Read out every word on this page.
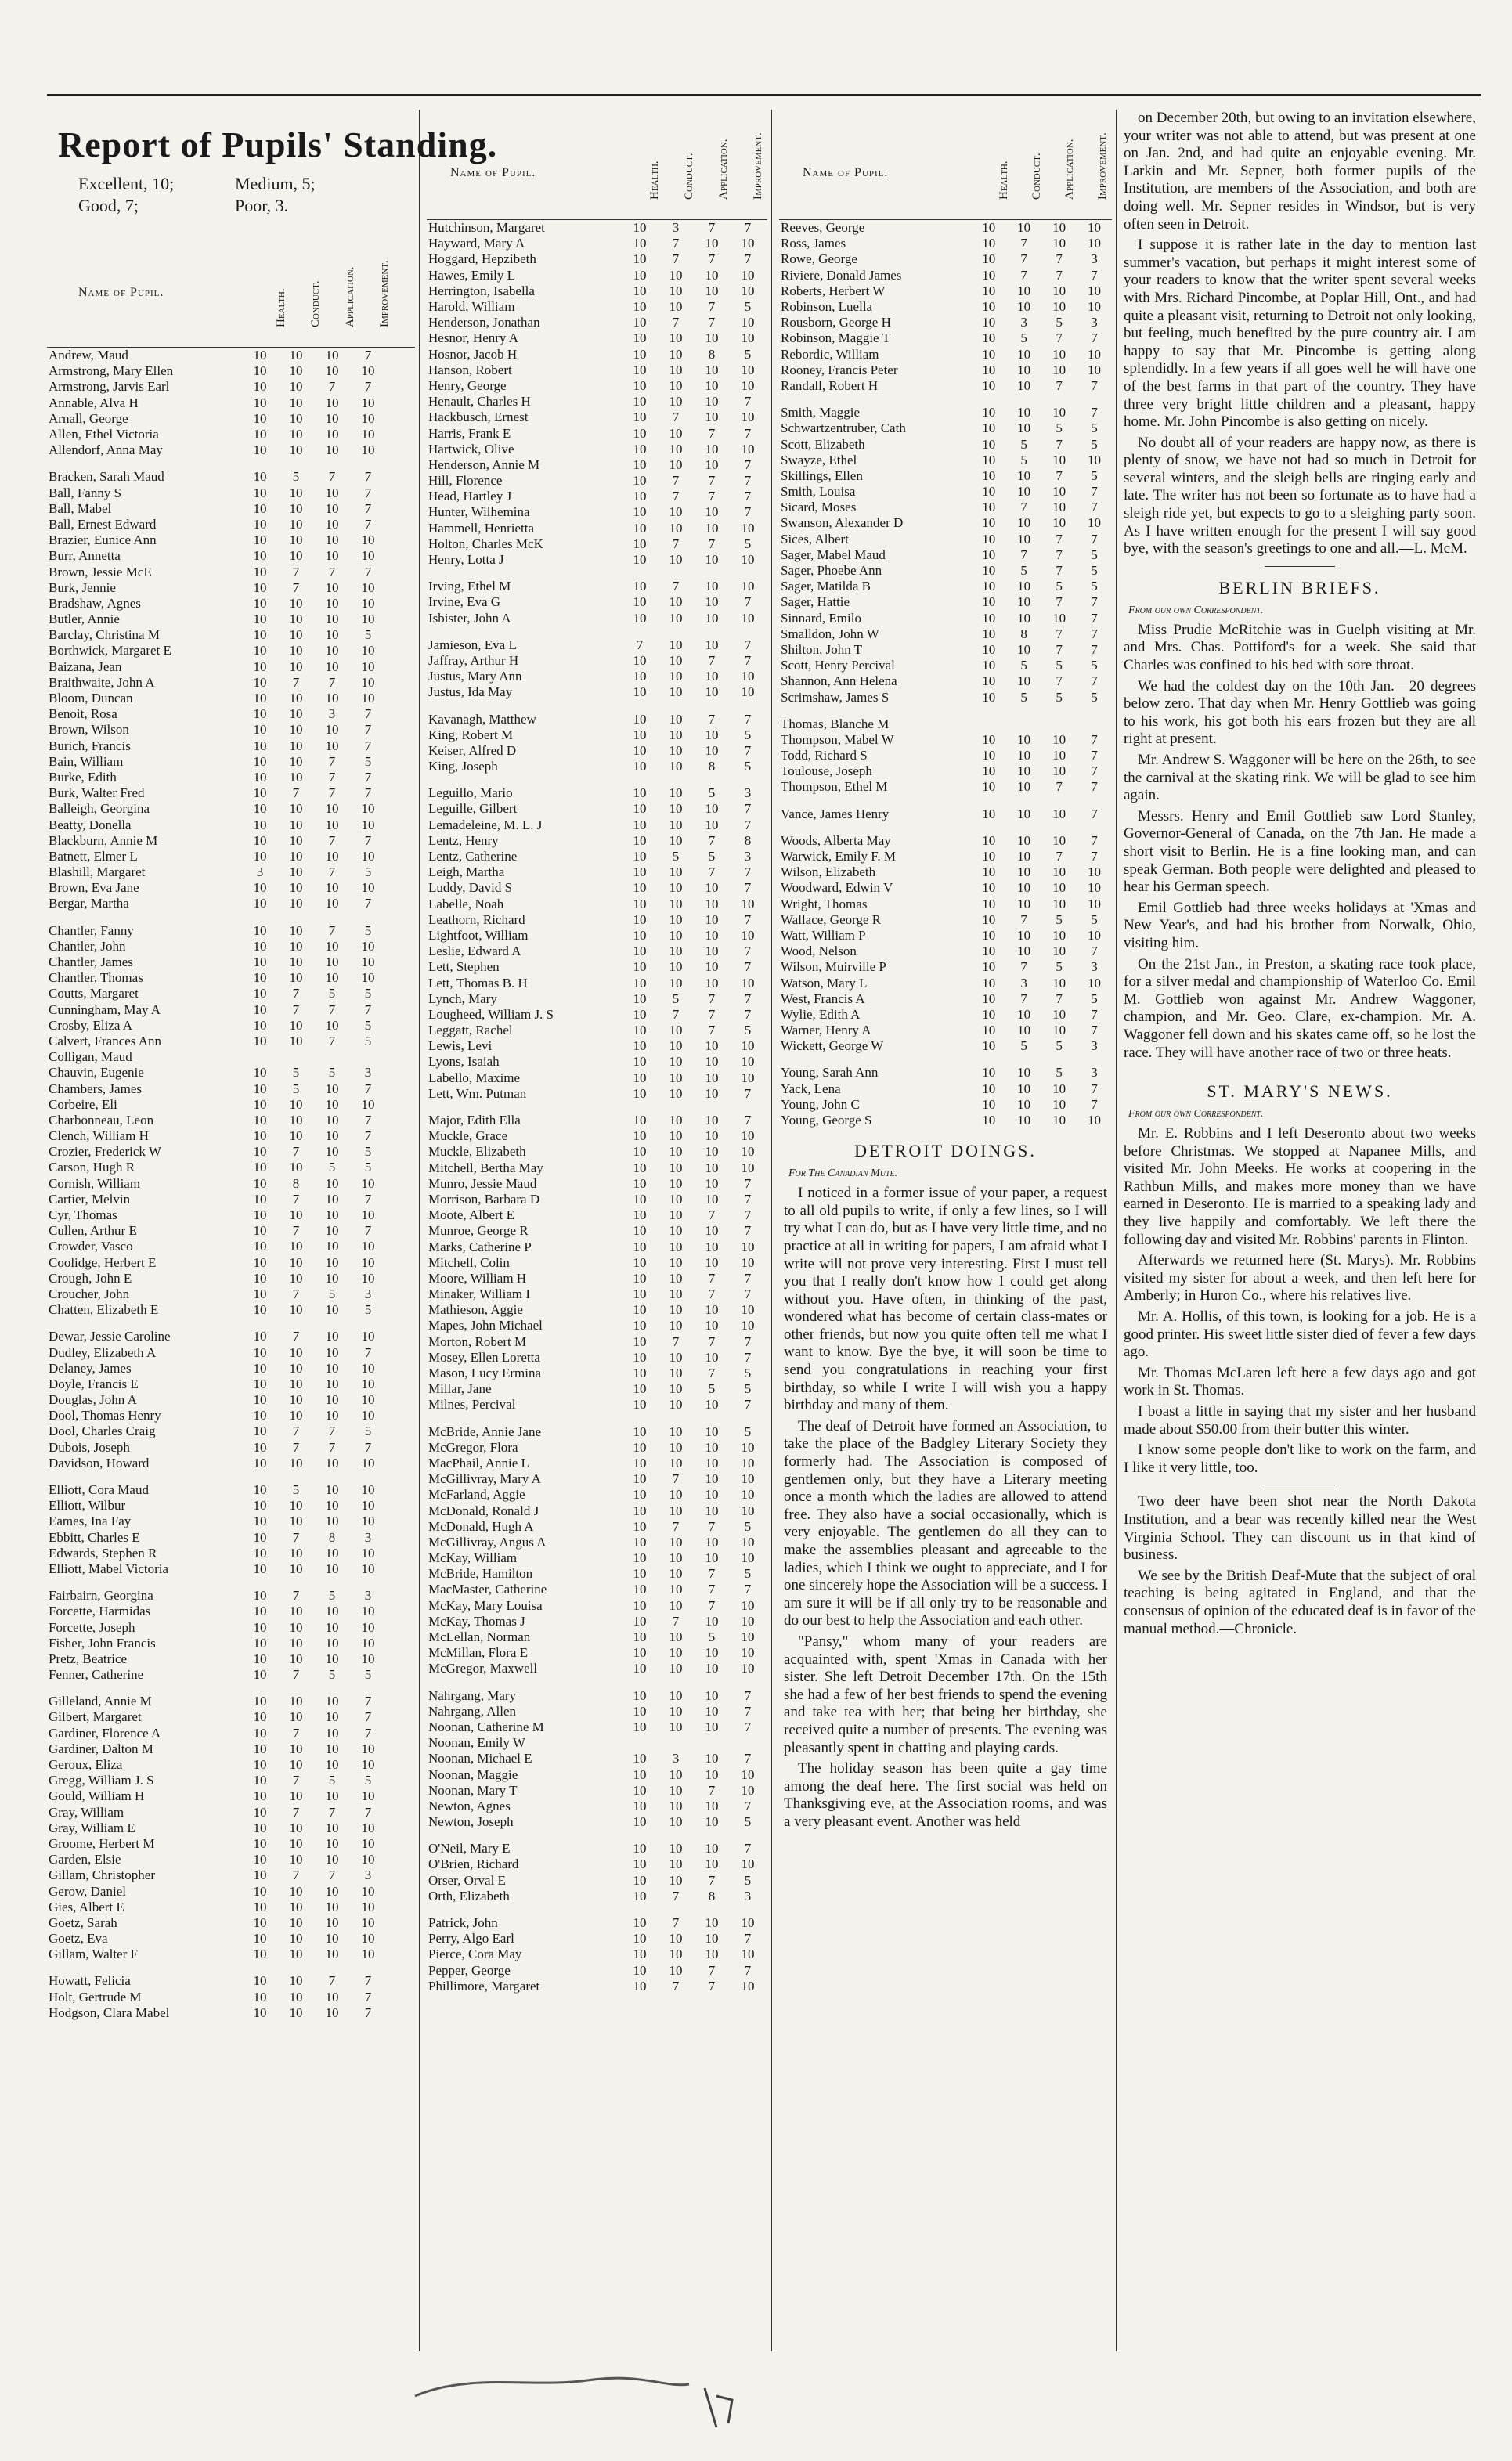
Report of Pupils' Standing.
Excellent, 10;	Medium, 5;
Good, 7;	Poor, 3.
Name of Pupil.	Health. Conduct. Application. Improvement.
Andrew, Maud	10	10	10	7
Armstrong, Mary Ellen	10	10	10	10
Armstrong, Jarvis Earl	10	10	7	7
Annable, Alva H	10	10	10	10
Arnall, George	10	10	10	10
Allen, Ethel Victoria	10	10	10	10
Allendorf, Anna May	10	10	10	10

Bracken, Sarah Maud	10	5	7	7
Ball, Fanny S	10	10	10	7
Ball, Mabel	10	10	10	7
Ball, Ernest Edward	10	10	10	7
Brazier, Eunice Ann	10	10	10	10
Burr, Annetta	10	10	10	10
Brown, Jessie McE	10	7	7	7
Burk, Jennie	10	7	10	10
Bradshaw, Agnes	10	10	10	10
Butler, Annie	10	10	10	10
Barclay, Christina M	10	10	10	5
Borthwick, Margaret E	10	10	10	10
Baizana, Jean	10	10	10	10
Braithwaite, John A	10	7	7	10
Bloom, Duncan	10	10	10	10
Benoit, Rosa	10	10	3	7
Brown, Wilson	10	10	10	7
Burich, Francis	10	10	10	7
Bain, William	10	10	7	5
Burke, Edith	10	10	7	7
Burk, Walter Fred	10	7	7	7
Balleigh, Georgina	10	10	10	10
Beatty, Donella	10	10	10	10
Blackburn, Annie M	10	10	7	7
Batnett, Elmer L	10	10	10	10
Blashill, Margaret	3	10	7	5
Brown, Eva Jane	10	10	10	10
Bergar, Martha	10	10	10	7

Chantler, Fanny	10	10	7	5
Chantler, John	10	10	10	10
Chantler, James	10	10	10	10
Chantler, Thomas	10	10	10	10
Coutts, Margaret	10	7	5	5
Cunningham, May A	10	7	7	7
Crosby, Eliza A	10	10	10	5
Calvert, Frances Ann	10	10	7	5
Colligan, Maud				
Chauvin, Eugenie	10	5	5	3
Chambers, James	10	5	10	7
Corbeire, Eli	10	10	10	10
Charbonneau, Leon	10	10	10	7
Clench, William H	10	10	10	7
Crozier, Frederick W	10	7	10	5
Carson, Hugh R	10	10	5	5
Cornish, William	10	8	10	10
Cartier, Melvin	10	7	10	7
Cyr, Thomas	10	10	10	10
Cullen, Arthur E	10	7	10	7
Crowder, Vasco	10	10	10	10
Coolidge, Herbert E	10	10	10	10
Crough, John E	10	10	10	10
Croucher, John	10	7	5	3
Chatten, Elizabeth E	10	10	10	5

Dewar, Jessie Caroline	10	7	10	10
Dudley, Elizabeth A	10	10	10	7
Delaney, James	10	10	10	10
Doyle, Francis E	10	10	10	10
Douglas, John A	10	10	10	10
Dool, Thomas Henry	10	10	10	10
Dool, Charles Craig	10	7	7	5
Dubois, Joseph	10	7	7	7
Davidson, Howard	10	10	10	10

Elliott, Cora Maud	10	5	10	10
Elliott, Wilbur	10	10	10	10
Eames, Ina Fay	10	10	10	10
Ebbitt, Charles E	10	7	8	3
Edwards, Stephen R	10	10	10	10
Elliott, Mabel Victoria	10	10	10	10

Fairbairn, Georgina	10	7	5	3
Forcette, Harmidas	10	10	10	10
Forcette, Joseph	10	10	10	10
Fisher, John Francis	10	10	10	10
Pretz, Beatrice	10	10	10	10
Fenner, Catherine	10	7	5	5

Gilleland, Annie M	10	10	10	7
Gilbert, Margaret	10	10	10	7
Gardiner, Florence A	10	7	10	7
Gardiner, Dalton M	10	10	10	10
Geroux, Eliza	10	10	10	10
Gregg, William J. S	10	7	5	5
Gould, William H	10	10	10	10
Gray, William	10	7	7	7
Gray, William E	10	10	10	10
Groome, Herbert M	10	10	10	10
Garden, Elsie	10	10	10	10
Gillam, Christopher	10	7	7	3
Gerow, Daniel	10	10	10	10
Gies, Albert E	10	10	10	10
Goetz, Sarah	10	10	10	10
Goetz, Eva	10	10	10	10
Gillam, Walter F	10	10	10	10

Howatt, Felicia	10	10	7	7
Holt, Gertrude M	10	10	10	7
Hodgson, Clara Mabel	10	10	10	7
Name of Pupil.	Health. Conduct. Application. Improvement.
Hutchinson, Margaret	10	3	7	7
Hayward, Mary A	10	7	10	10
Hoggard, Hepzibeth	10	7	7	7
Hawes, Emily L	10	10	10	10
Herrington, Isabella	10	10	10	10
Harold, William	10	10	7	5
Henderson, Jonathan	10	7	7	10
Hesnor, Henry A	10	10	10	10
Hosnor, Jacob H	10	10	8	5
Hanson, Robert	10	10	10	10
Henry, George	10	10	10	10
Henault, Charles H	10	10	10	7
Hackbusch, Ernest	10	7	10	10
Harris, Frank E	10	10	7	7
Hartwick, Olive	10	10	10	10
Henderson, Annie M	10	10	10	7
Hill, Florence	10	7	7	7
Head, Hartley J	10	7	7	7
Hunter, Wilhemina	10	10	10	7
Hammell, Henrietta	10	10	10	10
Holton, Charles McK	10	7	7	5
Henry, Lotta J	10	10	10	10

Irving, Ethel M	10	7	10	10
Irvine, Eva G	10	10	10	7
Isbister, John A	10	10	10	10

Jamieson, Eva L	7	10	10	7
Jaffray, Arthur H	10	10	7	7
Justus, Mary Ann	10	10	10	10
Justus, Ida May	10	10	10	10

Kavanagh, Matthew	10	10	7	7
King, Robert M	10	10	10	5
Keiser, Alfred D	10	10	10	7
King, Joseph	10	10	8	5

Leguillo, Mario	10	10	5	3
Leguille, Gilbert	10	10	10	7
Lemadeleine, M. L. J	10	10	10	7
Lentz, Henry	10	10	7	8
Lentz, Catherine	10	5	5	3
Leigh, Martha	10	10	7	7
Luddy, David S	10	10	10	7
Labelle, Noah	10	10	10	10
Leathorn, Richard	10	10	10	7
Lightfoot, William	10	10	10	10
Leslie, Edward A	10	10	10	7
Lett, Stephen	10	10	10	7
Lett, Thomas B. H	10	10	10	10
Lynch, Mary	10	5	7	7
Lougheed, William J. S	10	7	7	7
Leggatt, Rachel	10	10	7	5
Lewis, Levi	10	10	10	10
Lyons, Isaiah	10	10	10	10
Labello, Maxime	10	10	10	10
Lett, Wm. Putman	10	10	10	7

Major, Edith Ella	10	10	10	7
Muckle, Grace	10	10	10	10
Muckle, Elizabeth	10	10	10	10
Mitchell, Bertha May	10	10	10	10
Munro, Jessie Maud	10	10	10	7
Morrison, Barbara D	10	10	10	7
Moote, Albert E	10	10	7	7
Munroe, George R	10	10	10	7
Marks, Catherine P	10	10	10	10
Mitchell, Colin	10	10	10	10
Moore, William H	10	10	7	7
Minaker, William I	10	10	7	7
Mathieson, Aggie	10	10	10	10
Mapes, John Michael	10	10	10	10
Morton, Robert M	10	7	7	7
Mosey, Ellen Loretta	10	10	10	7
Mason, Lucy Ermina	10	10	7	5
Millar, Jane	10	10	5	5
Milnes, Percival	10	10	10	7

McBride, Annie Jane	10	10	10	5
McGregor, Flora	10	10	10	10
MacPhail, Annie L	10	10	10	10
McGillivray, Mary A	10	7	10	10
McFarland, Aggie	10	10	10	10
McDonald, Ronald J	10	10	10	10
McDonald, Hugh A	10	7	7	5
McGillivray, Angus A	10	10	10	10
McKay, William	10	10	10	10
McBride, Hamilton	10	10	7	5
MacMaster, Catherine	10	10	7	7
McKay, Mary Louisa	10	10	7	10
McKay, Thomas J	10	7	10	10
McLellan, Norman	10	10	5	10
McMillan, Flora E	10	10	10	10
McGregor, Maxwell	10	10	10	10

Nahrgang, Mary	10	10	10	7
Nahrgang, Allen	10	10	10	7
Noonan, Catherine M	10	10	10	7
Noonan, Emily W				
Noonan, Michael E	10	3	10	7
Noonan, Maggie	10	10	10	10
Noonan, Mary T	10	10	7	10
Newton, Agnes	10	10	10	7
Newton, Joseph	10	10	10	5

O'Neil, Mary E	10	10	10	7
O'Brien, Richard	10	10	10	10
Orser, Orval E	10	10	7	5
Orth, Elizabeth	10	7	8	3

Patrick, John	10	7	10	10
Perry, Algo Earl	10	10	10	7
Pierce, Cora May	10	10	10	10
Pepper, George	10	10	7	7
Phillimore, Margaret	10	7	7	10
Name of Pupil.	Health. Conduct. Application. Improvement.
Reeves, George	10	10	10	10
Ross, James	10	7	10	10
Rowe, George	10	7	7	3
Riviere, Donald James	10	7	7	7
Roberts, Herbert W	10	10	10	10
Robinson, Luella	10	10	10	10
Rousborn, George H	10	3	5	3
Robinson, Maggie T	10	5	7	7
Rebordic, William	10	10	10	10
Rooney, Francis Peter	10	10	10	10
Randall, Robert H	10	10	7	7

Smith, Maggie	10	10	10	7
Schwartzentruber, Cath	10	10	5	5
Scott, Elizabeth	10	5	7	5
Swayze, Ethel	10	5	10	10
Skillings, Ellen	10	10	7	5
Smith, Louisa	10	10	10	7
Sicard, Moses	10	7	10	7
Swanson, Alexander D	10	10	10	10
Sices, Albert	10	10	7	7
Sager, Mabel Maud	10	7	7	5
Sager, Phoebe Ann	10	5	7	5
Sager, Matilda B	10	10	5	5
Sager, Hattie	10	10	7	7
Sinnard, Emilo	10	10	10	7
Smalldon, John W	10	8	7	7
Shilton, John T	10	10	7	7
Scott, Henry Percival	10	5	5	5
Shannon, Ann Helena	10	10	7	7
Scrimshaw, James S	10	5	5	5

Thomas, Blanche M				
Thompson, Mabel W	10	10	10	7
Todd, Richard S	10	10	10	7
Toulouse, Joseph	10	10	10	7
Thompson, Ethel M	10	10	7	7

Vance, James Henry	10	10	10	7

Woods, Alberta May	10	10	10	7
Warwick, Emily F. M	10	10	7	7
Wilson, Elizabeth	10	10	10	10
Woodward, Edwin V	10	10	10	10
Wright, Thomas	10	10	10	10
Wallace, George R	10	7	5	5
Watt, William P	10	10	10	10
Wood, Nelson	10	10	10	7
Wilson, Muirville P	10	7	5	3
Watson, Mary L	10	3	10	10
West, Francis A	10	7	7	5
Wylie, Edith A	10	10	10	7
Warner, Henry A	10	10	10	7
Wickett, George W	10	5	5	3

Young, Sarah Ann	10	10	5	3
Yack, Lena	10	10	10	7
Young, John C	10	10	10	7
Young, George S	10	10	10	10
DETROIT DOINGS.
For The Canadian Mute.

I noticed in a former issue of your paper, a request to all old pupils to write, if only a few lines, so I will try what I can do, but as I have very little time, and no practice at all in writing for papers, I am afraid what I write will not prove very interesting. First I must tell you that I really don't know how I could get along without you. Have often, in thinking of the past, wondered what has become of certain class-mates or other friends, but now you quite often tell me what I want to know. Bye the bye, it will soon be time to send you congratulations in reaching your first birthday, so while I write I will wish you a happy birthday and many of them.

The deaf of Detroit have formed an Association, to take the place of the Badgley Literary Society they formerly had. The Association is composed of gentlemen only, but they have a Literary meeting once a month which the ladies are allowed to attend free. They also have a social occasionally, which is very enjoyable. The gentlemen do all they can to make the assemblies pleasant and agreeable to the ladies, which I think we ought to appreciate, and I for one sincerely hope the Association will be a success. I am sure it will be if all only try to be reasonable and do our best to help the Association and each other.

"Pansy," whom many of your readers are acquainted with, spent 'Xmas in Canada with her sister. She left Detroit December 17th. On the 15th she had a few of her best friends to spend the evening and take tea with her; that being her birthday, she received quite a number of presents. The evening was pleasantly spent in chatting and playing cards.

The holiday season has been quite a gay time among the deaf here. The first social was held on Thanksgiving eve, at the Association rooms, and was a very pleasant event. Another was held

on December 20th, but owing to an invitation elsewhere, your writer was not able to attend, but was present at one on Jan. 2nd, and had quite an enjoyable evening. Mr. Larkin and Mr. Sepner, both former pupils of the Institution, are members of the Association, and both are doing well. Mr. Sepner resides in Windsor, but is very often seen in Detroit.

I suppose it is rather late in the day to mention last summer's vacation, but perhaps it might interest some of your readers to know that the writer spent several weeks with Mrs. Richard Pincombe, at Poplar Hill, Ont., and had quite a pleasant visit, returning to Detroit not only looking, but feeling, much benefited by the pure country air. I am happy to say that Mr. Pincombe is getting along splendidly. In a few years if all goes well he will have one of the best farms in that part of the country. They have three very bright little children and a pleasant, happy home. Mr. John Pincombe is also getting on nicely.

No doubt all of your readers are happy now, as there is plenty of snow, we have not had so much in Detroit for several winters, and the sleigh bells are ringing early and late. The writer has not been so fortunate as to have had a sleigh ride yet, but expects to go to a sleighing party soon. As I have written enough for the present I will say good bye, with the season's greetings to one and all.—L. McM.

BERLIN BRIEFS.
From our own Correspondent.

Miss Prudie McRitchie was in Guelph visiting at Mr. and Mrs. Chas. Pottiford's for a week. She said that Charles was confined to his bed with sore throat.

We had the coldest day on the 10th Jan.—20 degrees below zero. That day when Mr. Henry Gottlieb was going to his work, his got both his ears frozen but they are all right at present.

Mr. Andrew S. Waggoner will be here on the 26th, to see the carnival at the skating rink. We will be glad to see him again.

Messrs. Henry and Emil Gottlieb saw Lord Stanley, Governor-General of Canada, on the 7th Jan. He made a short visit to Berlin. He is a fine looking man, and can speak German. Both people were delighted and pleased to hear his German speech.

Emil Gottlieb had three weeks holidays at 'Xmas and New Year's, and had his brother from Norwalk, Ohio, visiting him.

On the 21st Jan., in Preston, a skating race took place, for a silver medal and championship of Waterloo Co. Emil M. Gottlieb won against Mr. Andrew Waggoner, champion, and Mr. Geo. Clare, ex-champion. Mr. A. Waggoner fell down and his skates came off, so he lost the race. They will have another race of two or three heats.

ST. MARY'S NEWS.
From our own Correspondent.

Mr. E. Robbins and I left Deseronto about two weeks before Christmas. We stopped at Napanee Mills, and visited Mr. John Meeks. He works at coopering in the Rathbun Mills, and makes more money than we have earned in Deseronto. He is married to a speaking lady and they live happily and comfortably. We left there the following day and visited Mr. Robbins' parents in Flinton.

Afterwards we returned here (St. Marys). Mr. Robbins visited my sister for about a week, and then left here for Amberly; in Huron Co., where his relatives live.

Mr. A. Hollis, of this town, is looking for a job. He is a good printer. His sweet little sister died of fever a few days ago.

Mr. Thomas McLaren left here a few days ago and got work in St. Thomas.

I boast a little in saying that my sister and her husband made about $50.00 from their butter this winter.

I know some people don't like to work on the farm, and I like it very little, too.

Two deer have been shot near the North Dakota Institution, and a bear was recently killed near the West Virginia School. They can discount us in that kind of business.

We see by the British Deaf-Mute that the subject of oral teaching is being agitated in England, and that the consensus of opinion of the educated deaf is in favor of the manual method.—Chronicle.
